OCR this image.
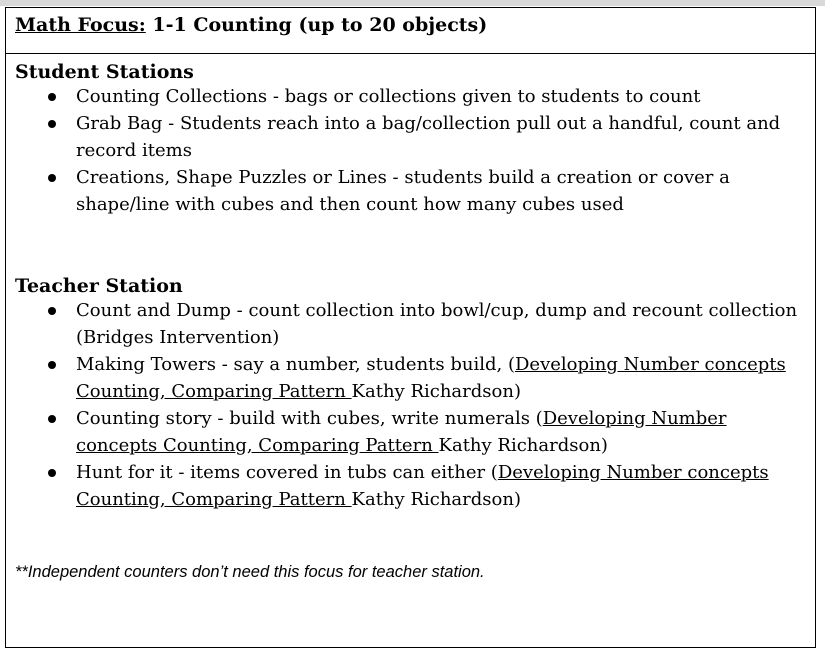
Math Focus: 1-1 Counting (up to 20 objects)
Student Stations
Counting Collections - bags or collections given to students to count
Grab Bag - Students reach into a bag/collection pull out a handful, count and record items
Creations, Shape Puzzles or Lines - students build a creation or cover a shape/line with cubes and then count how many cubes used
Teacher Station
Count and Dump - count collection into bowl/cup, dump and recount collection (Bridges Intervention)
Making Towers - say a number, students build, (Developing Number concepts Counting, Comparing Pattern Kathy Richardson)
Counting story - build with cubes, write numerals (Developing Number concepts Counting, Comparing Pattern Kathy Richardson)
Hunt for it - items covered in tubs can either (Developing Number concepts Counting, Comparing Pattern Kathy Richardson)
**Independent counters don’t need this focus for teacher station.
